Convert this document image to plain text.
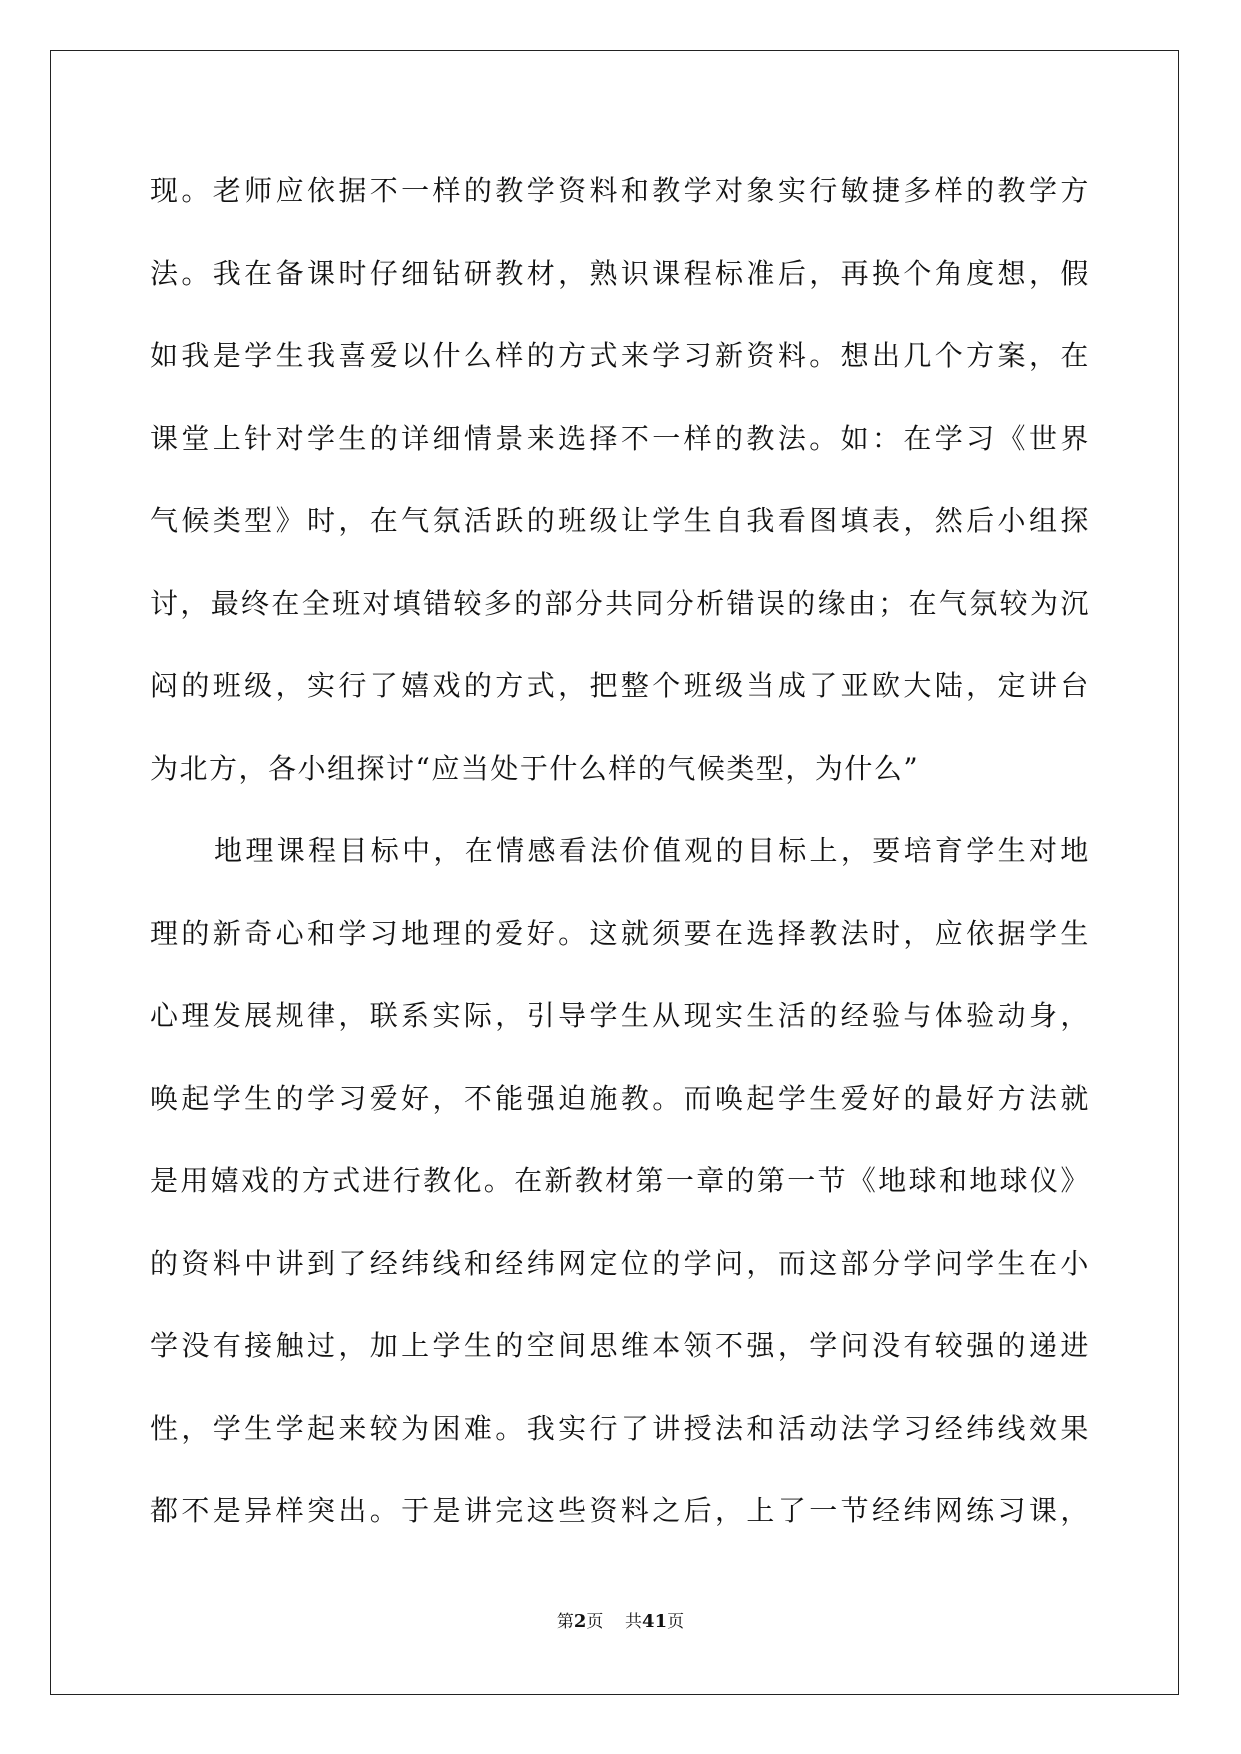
现 。 老 师 应 依 据 不 一 样 的 教 学 资 料 和 教 学 对 象 实 行 敏 捷 多 样 的 教 学 方
法 。 我 在 备 课 时 仔 细 钻 研 教 材 ， 熟 识 课 程 标 准 后 ， 再 换 个 角 度 想 ， 假
如 我 是 学 生 我 喜 爱 以 什 么 样 的 方 式 来 学 习 新 资 料 。 想 出 几 个 方 案 ， 在
课 堂 上 针 对 学 生 的 详 细 情 景 来 选 择 不 一 样 的 教 法 。 如 ： 在 学 习 《 世 界
气 候 类 型 》 时 ， 在 气 氛 活 跃 的 班 级 让 学 生 自 我 看 图 填 表 ， 然 后 小 组 探
讨 ， 最 终 在 全 班 对 填 错 较 多 的 部 分 共 同 分 析 错 误 的 缘 由 ； 在 气 氛 较 为 沉
闷 的 班 级 ， 实 行 了 嬉 戏 的 方 式 ， 把 整 个 班 级 当 成 了 亚 欧 大 陆 ， 定 讲 台
为北方，各小组探讨“应当处于什么样的气候类型，为什么”
地 理 课 程 目 标 中 ， 在 情 感 看 法 价 值 观 的 目 标 上 ， 要 培 育 学 生 对 地
理 的 新 奇 心 和 学 习 地 理 的 爱 好 。 这 就 须 要 在 选 择 教 法 时 ， 应 依 据 学 生
心 理 发 展 规 律 ， 联 系 实 际 ， 引 导 学 生 从 现 实 生 活 的 经 验 与 体 验 动 身 ，
唤 起 学 生 的 学 习 爱 好 ， 不 能 强 迫 施 教 。 而 唤 起 学 生 爱 好 的 最 好 方 法 就
是 用 嬉 戏 的 方 式 进 行 教 化 。 在 新 教 材 第 一 章 的 第 一 节 《 地 球 和 地 球 仪 》
的 资 料 中 讲 到 了 经 纬 线 和 经 纬 网 定 位 的 学 问 ， 而 这 部 分 学 问 学 生 在 小
学 没 有 接 触 过 ， 加 上 学 生 的 空 间 思 维 本 领 不 强 ， 学 问 没 有 较 强 的 递 进
性 ， 学 生 学 起 来 较 为 困 难 。 我 实 行 了 讲 授 法 和 活 动 法 学 习 经 纬 线 效 果
都 不 是 异 样 突 出 。 于 是 讲 完 这 些 资 料 之 后 ， 上 了 一 节 经 纬 网 练 习 课 ，
第2页 共41页
